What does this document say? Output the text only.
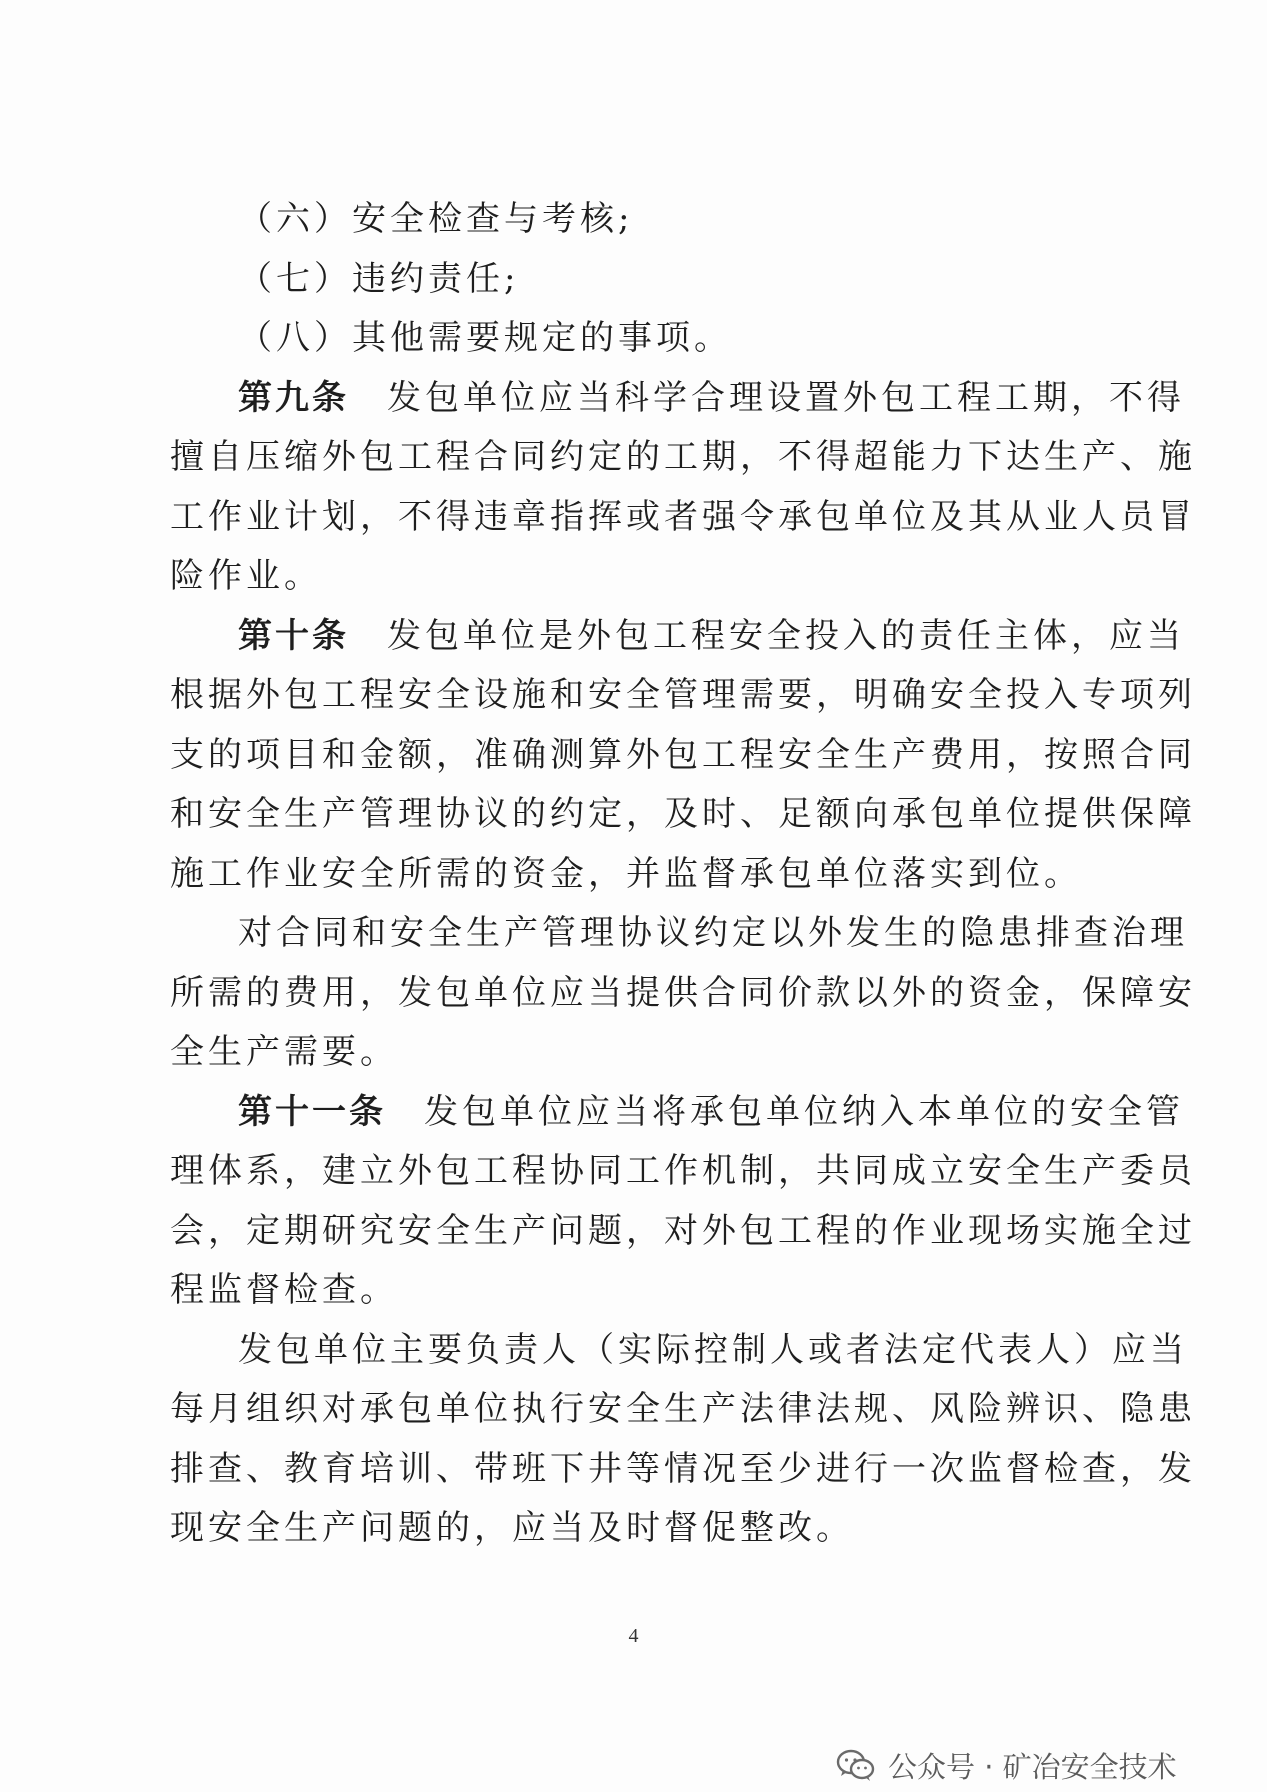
（六）安全检查与考核;
（七）违约责任;
（八）其他需要规定的事项。
第九条 发包单位应当科学合理设置外包工程工期，不得
擅自压缩外包工程合同约定的工期，不得超能力下达生产、施
工作业计划，不得违章指挥或者强令承包单位及其从业人员冒
险作业。
第十条 发包单位是外包工程安全投入的责任主体，应当
根据外包工程安全设施和安全管理需要，明确安全投入专项列
支的项目和金额，准确测算外包工程安全生产费用，按照合同
和安全生产管理协议的约定，及时、足额向承包单位提供保障
施工作业安全所需的资金，并监督承包单位落实到位。
对合同和安全生产管理协议约定以外发生的隐患排查治理
所需的费用，发包单位应当提供合同价款以外的资金，保障安
全生产需要。
第十一条 发包单位应当将承包单位纳入本单位的安全管
理体系，建立外包工程协同工作机制，共同成立安全生产委员
会，定期研究安全生产问题，对外包工程的作业现场实施全过
程监督检查。
发包单位主要负责人（实际控制人或者法定代表人）应当
每月组织对承包单位执行安全生产法律法规、风险辨识、隐患
排查、教育培训、带班下井等情况至少进行一次监督检查，发
现安全生产问题的，应当及时督促整改。
4
公众号 · 矿冶安全技术
